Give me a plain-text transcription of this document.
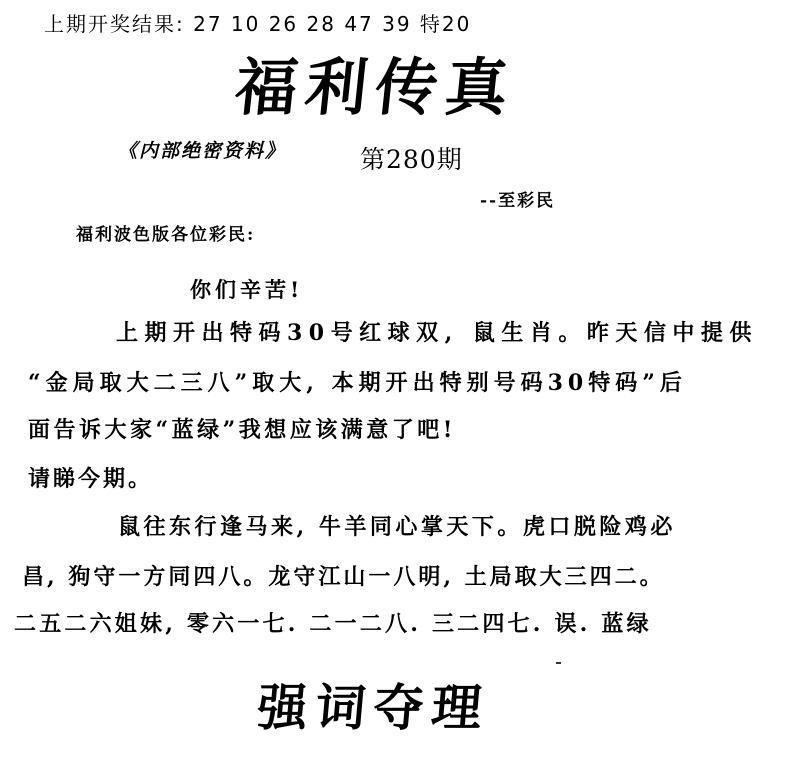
上期开奖结果: 27 10 26 28 47 39 特20
福利传真
《内部绝密资料》	第280期
--至彩民
福利波色版各位彩民:
你们辛苦!
上期开出特码30号红球双, 鼠生肖。昨天信中提供
“金局取大二三八”取大, 本期开出特别号码30特码”后
面告诉大家“蓝绿”我想应该满意了吧!
请睇今期。
鼠往东行逢马来, 牛羊同心掌天下。虎口脱险鸡必
昌, 狗守一方同四八。龙守江山一八明, 土局取大三四二。
二五二六姐妹, 零六一七. 二一二八. 三二四七. 误. 蓝绿
强词夺理
